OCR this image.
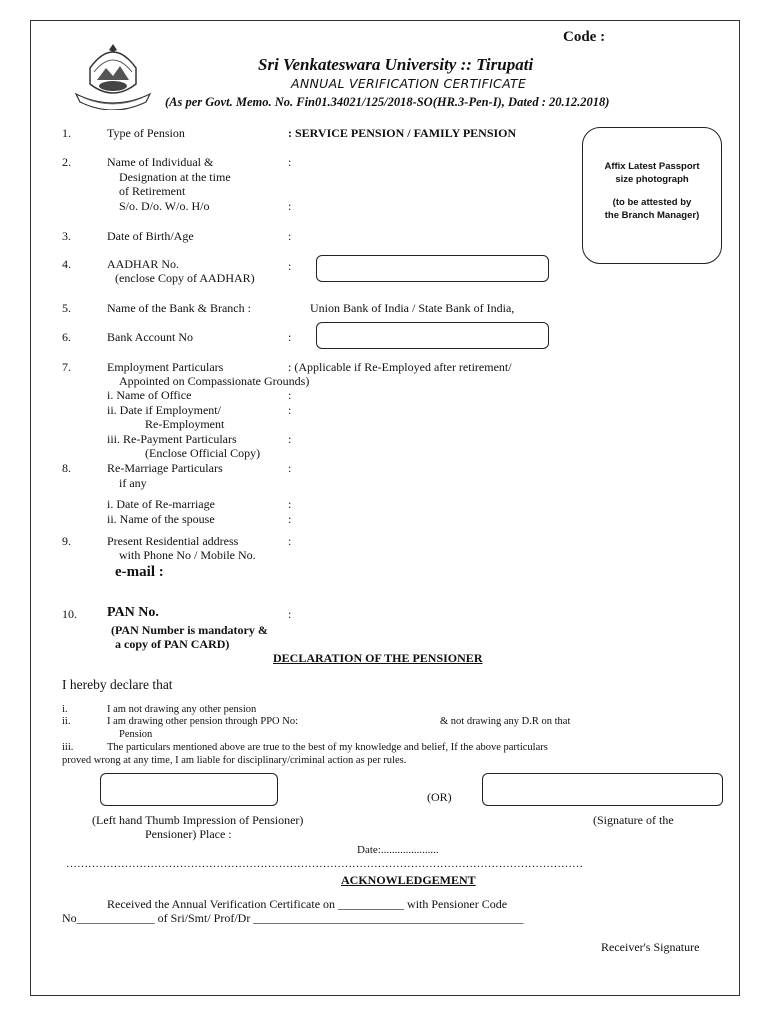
Code :
Sri Venkateswara University :: Tirupati
ANNUAL VERIFICATION CERTIFICATE
(As per Govt. Memo. No. Fin01.34021/125/2018-SO(HR.3-Pen-I), Dated : 20.12.2018)
Affix Latest Passport
size photograph
(to be attested by
the Branch Manager)
1.	Type of Pension	: SERVICE PENSION / FAMILY PENSION
2.	Name of Individual &	:
Designation at the time
of Retirement
S/o. D/o. W/o. H/o	:
3.	Date of Birth/Age	:
4.	AADHAR No.	:
(enclose Copy of AADHAR)
5.	Name of the Bank & Branch :	Union Bank of India / State Bank of India,
6.	Bank Account No	:
7.	Employment Particulars	: (Applicable if Re-Employed after retirement/
Appointed on Compassionate Grounds)
i. Name of Office	:
ii. Date if Employment/	:
Re-Employment
iii. Re-Payment Particulars	:
(Enclose Official Copy)
8.	Re-Marriage Particulars	:
if any
i. Date of Re-marriage	:
ii. Name of the spouse	:
9.	Present Residential address	:
with Phone No / Mobile No.
e-mail :
10. PAN No.	:
(PAN Number is mandatory &
a copy of PAN CARD)
DECLARATION OF THE PENSIONER
I hereby declare that
i.	I am not drawing any other pension
ii.	I am drawing other pension through PPO No:	& not drawing any D.R on that
Pension
iii.	The particulars mentioned above are true to the best of my knowledge and belief, If the above particulars
proved wrong at any time, I am liable for disciplinary/criminal action as per rules.
(OR)
(Left hand Thumb Impression of Pensioner)	(Signature of the
Pensioner) Place :
Date:.....................
……………………………………………………………………………………………………………………………
ACKNOWLEDGEMENT
Received the Annual Verification Certificate on ___________ with Pensioner Code
No_____________ of Sri/Smt/ Prof/Dr _____________________________________________
Receiver's Signature
